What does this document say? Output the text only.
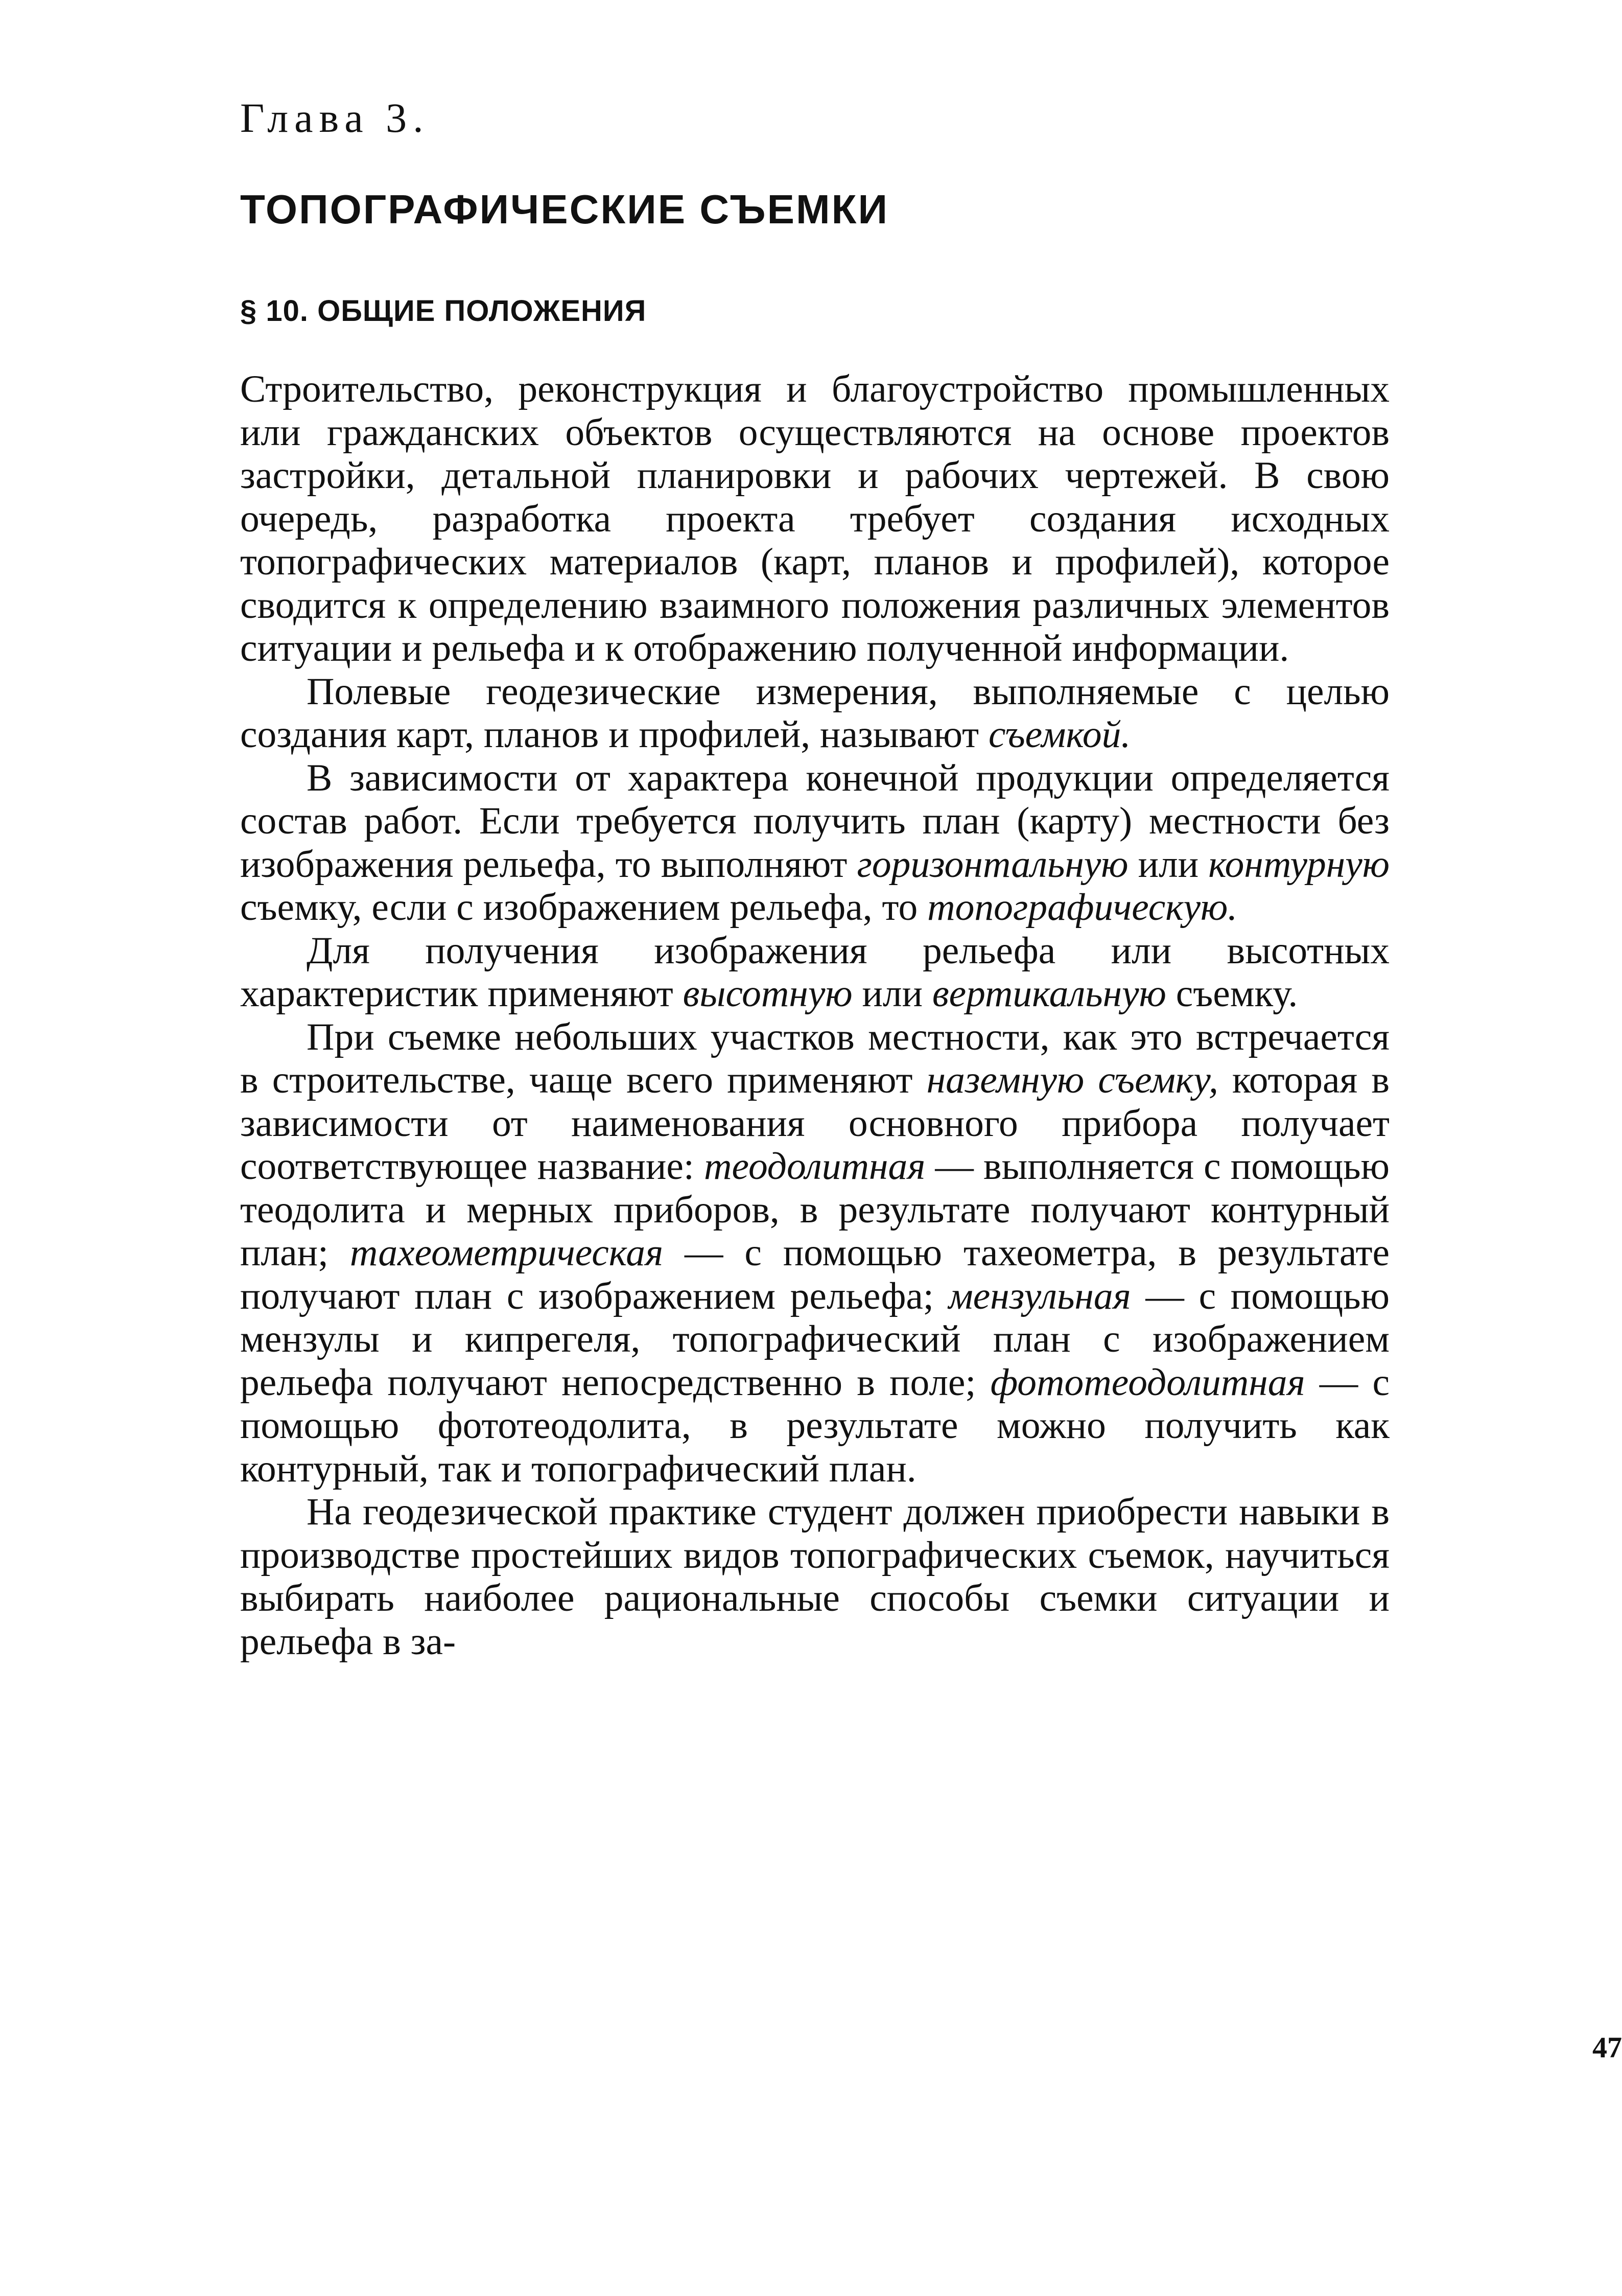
Глава 3.
ТОПОГРАФИЧЕСКИЕ СЪЕМКИ
§ 10. ОБЩИЕ ПОЛОЖЕНИЯ

Строительство, реконструкция и благоустройство промышленных или гражданских объектов осуществляются на основе проектов застройки, детальной планировки и рабочих чертежей. В свою очередь, разработка проекта требует создания исходных топографических материалов (карт, планов и профилей), которое сводится к определению взаимного положения различных элементов ситуации и рельефа и к отображению полученной информации.

Полевые геодезические измерения, выполняемые с целью создания карт, планов и профилей, называют съемкой.

В зависимости от характера конечной продукции определяется состав работ. Если требуется получить план (карту) местности без изображения рельефа, то выполняют горизонтальную или контурную съемку, если с изображением рельефа, то топографическую.

Для получения изображения рельефа или высотных характеристик применяют высотную или вертикальную съемку.

При съемке небольших участков местности, как это встречается в строительстве, чаще всего применяют наземную съемку, которая в зависимости от наименования основного прибора получает соответствующее название: теодолитная — выполняется с помощью теодолита и мерных приборов, в результате получают контурный план; тахеометрическая — с помощью тахеометра, в результате получают план с изображением рельефа; мензульная — с помощью мензулы и кипрегеля, топографический план с изображением рельефа получают непосредственно в поле; фототеодолитная — с помощью фототеодолита, в результате можно получить как контурный, так и топографический план.

На геодезической практике студент должен приобрести навыки в производстве простейших видов топографических съемок, научиться выбирать наиболее рациональные способы съемки ситуации и рельефа в за-

47
